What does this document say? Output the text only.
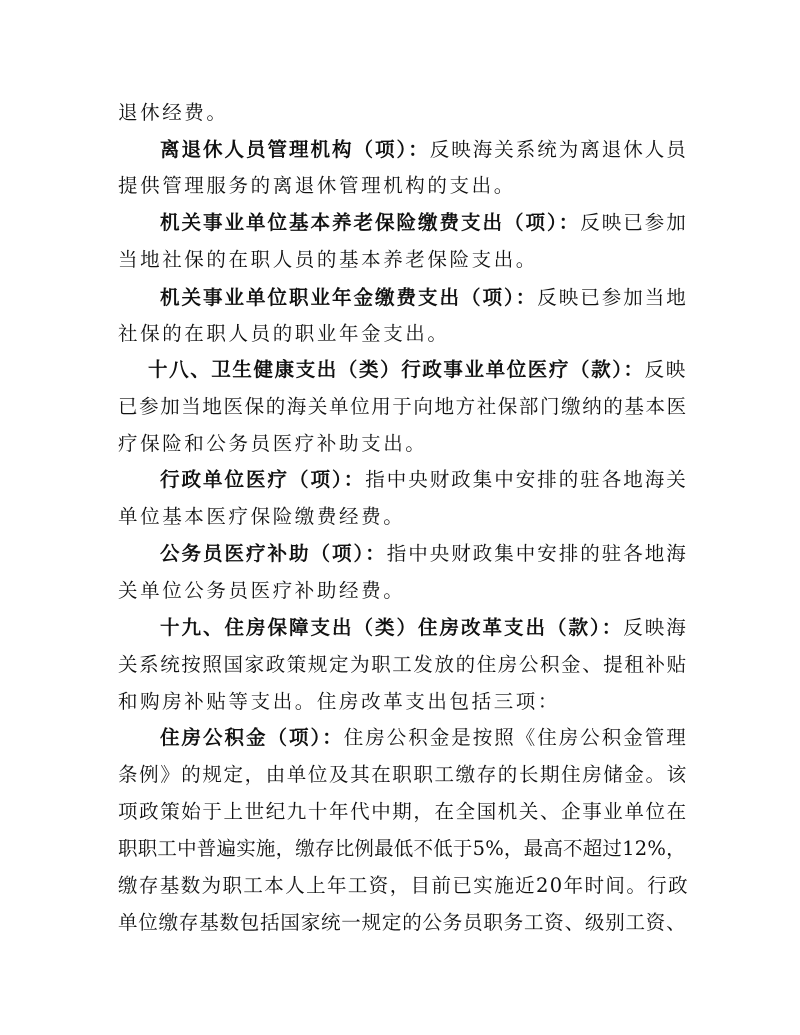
退休经费。
离退休人员管理机构（项）：反映海关系统为离退休人员
提供管理服务的离退休管理机构的支出。
机关事业单位基本养老保险缴费支出（项）：反映已参加
当地社保的在职人员的基本养老保险支出。
机关事业单位职业年金缴费支出（项）：反映已参加当地
社保的在职人员的职业年金支出。
十八、卫生健康支出（类）行政事业单位医疗（款）：反映
已参加当地医保的海关单位用于向地方社保部门缴纳的基本医
疗保险和公务员医疗补助支出。
行政单位医疗（项）：指中央财政集中安排的驻各地海关
单位基本医疗保险缴费经费。
公务员医疗补助（项）：指中央财政集中安排的驻各地海
关单位公务员医疗补助经费。
十九、住房保障支出（类）住房改革支出（款）：反映海
关系统按照国家政策规定为职工发放的住房公积金、提租补贴
和购房补贴等支出。住房改革支出包括三项：
住房公积金（项）：住房公积金是按照《住房公积金管理
条例》的规定，由单位及其在职职工缴存的长期住房储金。该
项政策始于上世纪九十年代中期，在全国机关、企事业单位在
职职工中普遍实施，缴存比例最低不低于5%，最高不超过12%，
缴存基数为职工本人上年工资，目前已实施近20年时间。行政
单位缴存基数包括国家统一规定的公务员职务工资、级别工资、
